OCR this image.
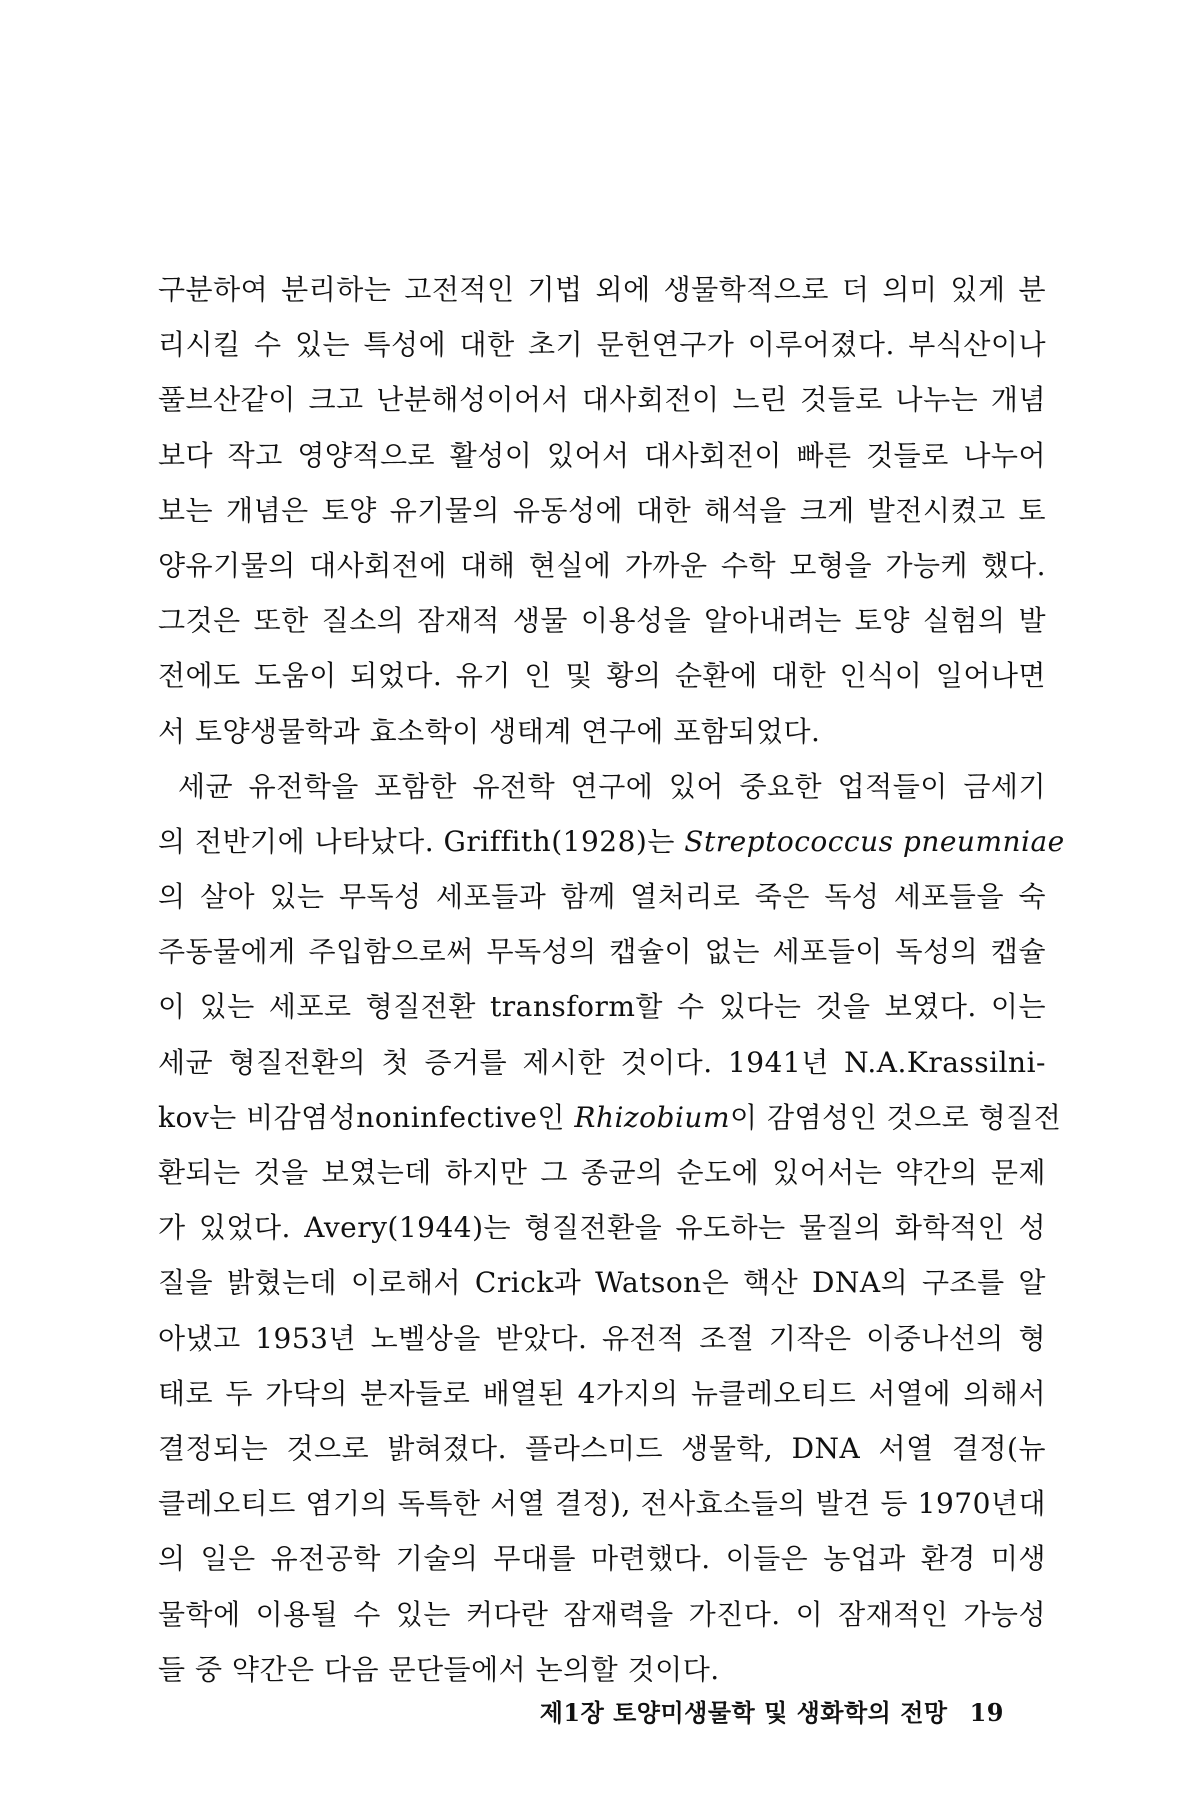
구분하여 분리하는 고전적인 기법 외에 생물학적으로 더 의미 있게 분
리시킬 수 있는 특성에 대한 초기 문헌연구가 이루어졌다. 부식산이나
풀브산같이 크고 난분해성이어서 대사회전이 느린 것들로 나누는 개념
보다 작고 영양적으로 활성이 있어서 대사회전이 빠른 것들로 나누어
보는 개념은 토양 유기물의 유동성에 대한 해석을 크게 발전시켰고 토
양유기물의 대사회전에 대해 현실에 가까운 수학 모형을 가능케 했다.
그것은 또한 질소의 잠재적 생물 이용성을 알아내려는 토양 실험의 발
전에도 도움이 되었다. 유기 인 및 황의 순환에 대한 인식이 일어나면
서 토양생물학과 효소학이 생태계 연구에 포함되었다.
세균 유전학을 포함한 유전학 연구에 있어 중요한 업적들이 금세기
의 전반기에 나타났다. Griffith(1928)는 Streptococcus pneumniae
의 살아 있는 무독성 세포들과 함께 열처리로 죽은 독성 세포들을 숙
주동물에게 주입함으로써 무독성의 캡슐이 없는 세포들이 독성의 캡슐
이 있는 세포로 형질전환 transform할 수 있다는 것을 보였다. 이는
세균 형질전환의 첫 증거를 제시한 것이다. 1941년 N.A.Krassilni-
kov는 비감염성noninfective인 Rhizobium이 감염성인 것으로 형질전
환되는 것을 보였는데 하지만 그 종균의 순도에 있어서는 약간의 문제
가 있었다. Avery(1944)는 형질전환을 유도하는 물질의 화학적인 성
질을 밝혔는데 이로해서 Crick과 Watson은 핵산 DNA의 구조를 알
아냈고 1953년 노벨상을 받았다. 유전적 조절 기작은 이중나선의 형
태로 두 가닥의 분자들로 배열된 4가지의 뉴클레오티드 서열에 의해서
결정되는 것으로 밝혀졌다. 플라스미드 생물학, DNA 서열 결정(뉴
클레오티드 염기의 독특한 서열 결정), 전사효소들의 발견 등 1970년대
의 일은 유전공학 기술의 무대를 마련했다. 이들은 농업과 환경 미생
물학에 이용될 수 있는 커다란 잠재력을 가진다. 이 잠재적인 가능성
들 중 약간은 다음 문단들에서 논의할 것이다.
제1장 토양미생물학 및 생화학의 전망 19
